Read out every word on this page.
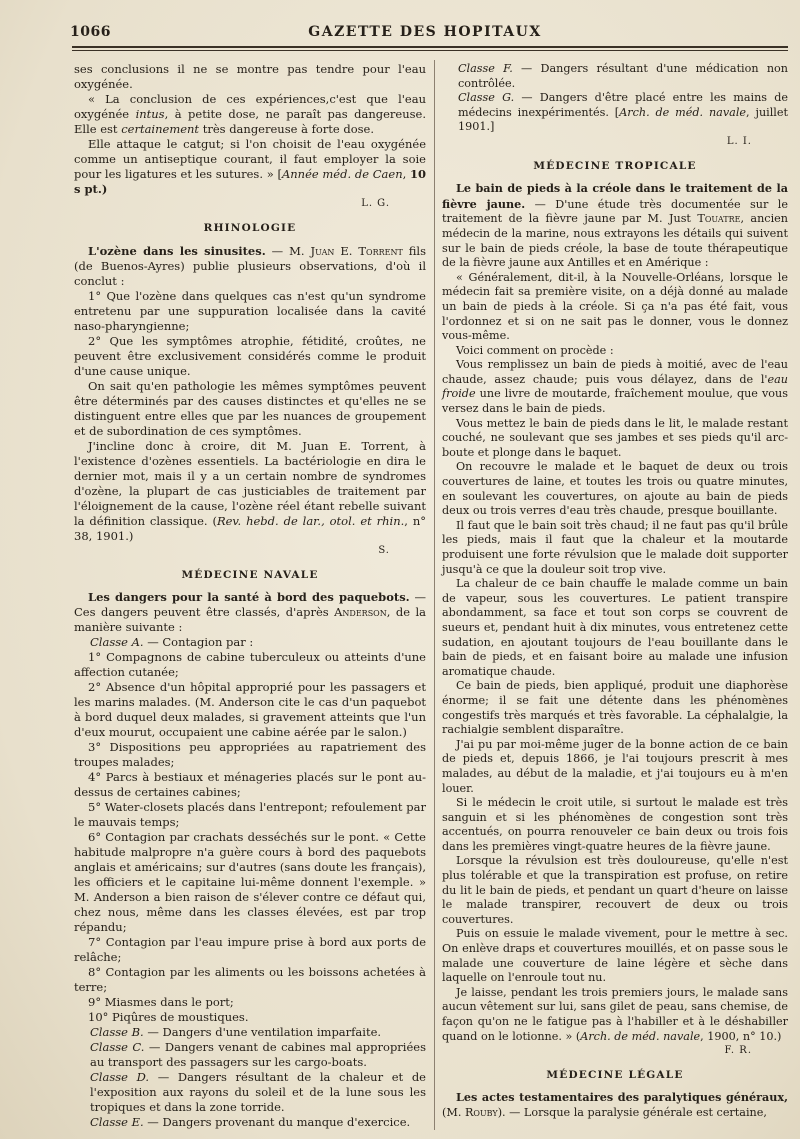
1066	GAZETTE DES HOPITAUX

ses conclusions il ne se montre pas tendre pour l'eau oxygénée.

« La conclusion de ces expériences,c'est que l'eau oxygénée intus, à petite dose, ne paraît pas dangereuse. Elle est certainement très dangereuse à forte dose.

Elle attaque le catgut; si l'on choisit de l'eau oxygénée comme un antiseptique courant, il faut employer la soie pour les ligatures et les sutures. » [Année méd. de Caen, 10 s pt.)

L. G.

RHINOLOGIE

L'ozène dans les sinusites. — M. Juan E. Torrent fils (de Buenos-Ayres) publie plusieurs observations, d'où il conclut :

1° Que l'ozène dans quelques cas n'est qu'un syndrome entretenu par une suppuration localisée dans la cavité naso-pharyngienne;

2° Que les symptômes atrophie, fétidité, croûtes, ne peuvent être exclusivement considérés comme le produit d'une cause unique.

On sait qu'en pathologie les mêmes symptômes peuvent être déterminés par des causes distinctes et qu'elles ne se distinguent entre elles que par les nuances de groupement et de subordination de ces symptômes.

J'incline donc à croire, dit M. Juan E. Torrent, à l'existence d'ozènes essentiels. La bactériologie en dira le dernier mot, mais il y a un certain nombre de syndromes d'ozène, la plupart de cas justiciables de traitement par l'éloignement de la cause, l'ozène réel étant rebelle suivant la définition classique. (Rev. hebd. de lar., otol. et rhin., n° 38, 1901.)

S.

MÉDECINE NAVALE

Les dangers pour la santé à bord des paquebots. — Ces dangers peuvent être classés, d'après Anderson, de la manière suivante :

Classe A. — Contagion par :

1° Compagnons de cabine tuberculeux ou atteints d'une affection cutanée;

2° Absence d'un hôpital approprié pour les passagers et les marins malades. (M. Anderson cite le cas d'un paquebot à bord duquel deux malades, si gravement atteints que l'un d'eux mourut, occupaient une cabine aérée par le salon.)

3° Dispositions peu appropriées au rapatriement des troupes malades;

4° Parcs à bestiaux et ménageries placés sur le pont au-dessus de certaines cabines;

5° Water-closets placés dans l'entrepont; refoulement par le mauvais temps;

6° Contagion par crachats desséchés sur le pont. « Cette habitude malpropre n'a guère cours à bord des paquebots anglais et américains; sur d'autres (sans doute les français), les officiers et le capitaine lui-même donnent l'exemple. » M. Anderson a bien raison de s'élever contre ce défaut qui, chez nous, même dans les classes élevées, est par trop répandu;

7° Contagion par l'eau impure prise à bord aux ports de relâche;

8° Contagion par les aliments ou les boissons achetées à terre;

9° Miasmes dans le port;

10° Piqûres de moustiques.

Classe B. — Dangers d'une ventilation imparfaite.

Classe C. — Dangers venant de cabines mal appropriées au transport des passagers sur les cargo-boats.

Classe D. — Dangers résultant de la chaleur et de l'exposition aux rayons du soleil et de la lune sous les tropiques et dans la zone torride.

Classe E. — Dangers provenant du manque d'exercice.

Classe F. — Dangers résultant d'une médication non contrôlée.

Classe G. — Dangers d'être placé entre les mains de médecins inexpérimentés. [Arch. de méd. navale, juillet 1901.]

L. I.

MÉDECINE TROPICALE

Le bain de pieds à la créole dans le traitement de la fièvre jaune. — D'une étude très documentée sur le traitement de la fièvre jaune par M. Just Touatre, ancien médecin de la marine, nous extrayons les détails qui suivent sur le bain de pieds créole, la base de toute thérapeutique de la fièvre jaune aux Antilles et en Amérique :

« Généralement, dit-il, à la Nouvelle-Orléans, lorsque le médecin fait sa première visite, on a déjà donné au malade un bain de pieds à la créole. Si ça n'a pas été fait, vous l'ordonnez et si on ne sait pas le donner, vous le donnez vous-même.

Voici comment on procède :

Vous remplissez un bain de pieds à moitié, avec de l'eau chaude, assez chaude; puis vous délayez, dans de l'eau froide une livre de moutarde, fraîchement moulue, que vous versez dans le bain de pieds.

Vous mettez le bain de pieds dans le lit, le malade restant couché, ne soulevant que ses jambes et ses pieds qu'il arc-boute et plonge dans le baquet.

On recouvre le malade et le baquet de deux ou trois couvertures de laine, et toutes les trois ou quatre minutes, en soulevant les couvertures, on ajoute au bain de pieds deux ou trois verres d'eau très chaude, presque bouillante.

Il faut que le bain soit très chaud; il ne faut pas qu'il brûle les pieds, mais il faut que la chaleur et la moutarde produisent une forte révulsion que le malade doit supporter jusqu'à ce que la douleur soit trop vive.

La chaleur de ce bain chauffe le malade comme un bain de vapeur, sous les couvertures. Le patient transpire abondamment, sa face et tout son corps se couvrent de sueurs et, pendant huit à dix minutes, vous entretenez cette sudation, en ajoutant toujours de l'eau bouillante dans le bain de pieds, et en faisant boire au malade une infusion aromatique chaude.

Ce bain de pieds, bien appliqué, produit une diaphorèse énorme; il se fait une détente dans les phénomènes congestifs très marqués et très favorable. La céphalalgie, la rachialgie semblent disparaître.

J'ai pu par moi-même juger de la bonne action de ce bain de pieds et, depuis 1866, je l'ai toujours prescrit à mes malades, au début de la maladie, et j'ai toujours eu à m'en louer.

Si le médecin le croit utile, si surtout le malade est très sanguin et si les phénomènes de congestion sont très accentués, on pourra renouveler ce bain deux ou trois fois dans les premières vingt-quatre heures de la fièvre jaune.

Lorsque la révulsion est très douloureuse, qu'elle n'est plus tolérable et que la transpiration est profuse, on retire du lit le bain de pieds, et pendant un quart d'heure on laisse le malade transpirer, recouvert de deux ou trois couvertures.

Puis on essuie le malade vivement, pour le mettre à sec. On enlève draps et couvertures mouillés, et on passe sous le malade une couverture de laine légère et sèche dans laquelle on l'enroule tout nu.

Je laisse, pendant les trois premiers jours, le malade sans aucun vêtement sur lui, sans gilet de peau, sans chemise, de façon qu'on ne le fatigue pas à l'habiller et à le déshabiller quand on le lotionne. » (Arch. de méd. navale, 1900, n° 10.)

F. R.

MÉDECINE LÉGALE

Les actes testamentaires des paralytiques généraux, (M. Rouby). — Lorsque la paralysie générale est certaine,
